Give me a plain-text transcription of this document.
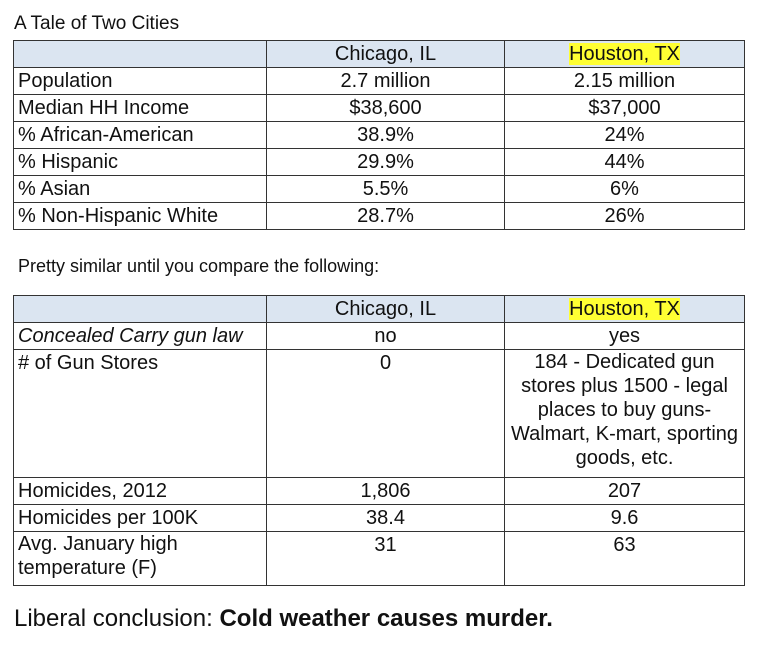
A Tale of Two Cities
	Chicago, IL	Houston, TX
Population	2.7 million	2.15 million
Median HH Income	$38,600	$37,000
% African-American	38.9%	24%
% Hispanic	29.9%	44%
% Asian	5.5%	6%
% Non-Hispanic White	28.7%	26%
Pretty similar until you compare the following:
	Chicago, IL	Houston, TX
Concealed Carry gun law	no	yes
# of Gun Stores	0	184 - Dedicated gun stores plus 1500 - legal places to buy guns- Walmart, K-mart, sporting goods, etc.
Homicides, 2012	1,806	207
Homicides per 100K	38.4	9.6
Avg. January high temperature (F)	31	63
Liberal conclusion: Cold weather causes murder.
